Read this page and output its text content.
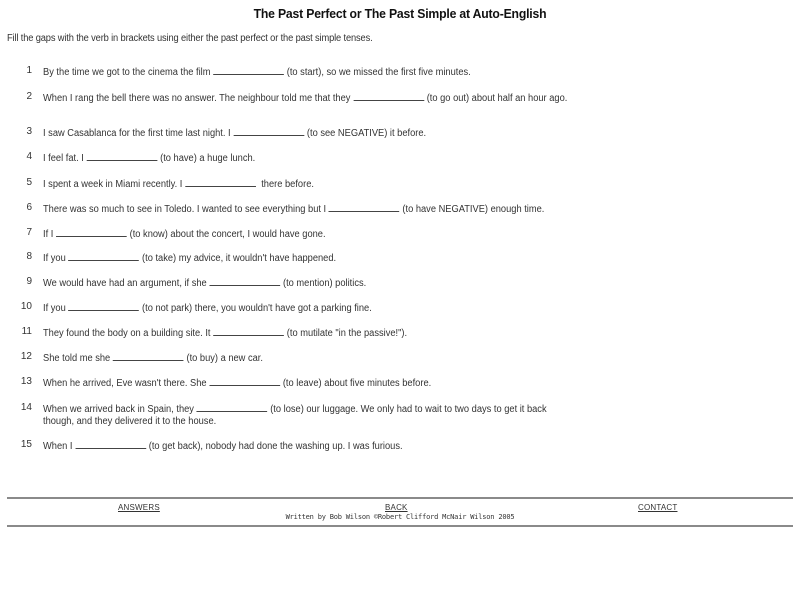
The Past Perfect or The Past Simple at Auto-English
Fill the gaps with the verb in brackets using either the past perfect or the past simple tenses.
1 By the time we got to the cinema the film	(to start), so we missed the first five minutes.
2 When I rang the bell there was no answer. The neighbour told me that they	(to go out) about half an hour ago.
3 I saw Casablanca for the first time last night. I	(to see NEGATIVE) it before.
4 I feel fat. I	(to have) a huge lunch.
5 I spent a week in Miami recently. I	there before.
6 There was so much to see in Toledo. I wanted to see everything but I	(to have NEGATIVE) enough time.
7 If I	(to know) about the concert, I would have gone.
8 If you	(to take) my advice, it wouldn't have happened.
9 We would have had an argument, if she	(to mention) politics.
10 If you	(to not park) there, you wouldn't have got a parking fine.
11 They found the body on a building site. It	(to mutilate "in the passive!").
12 She told me she	(to buy) a new car.
13 When he arrived, Eve wasn't there. She	(to leave) about five minutes before.
14 When we arrived back in Spain, they	(to lose) our luggage. We only had to wait to two days to get it back though, and they delivered it to the house.
15 When I	(to get back), nobody had done the washing up. I was furious.
ANSWERS	BACK	CONTACT
Written by Bob Wilson ©Robert Clifford McNair Wilson 2005
